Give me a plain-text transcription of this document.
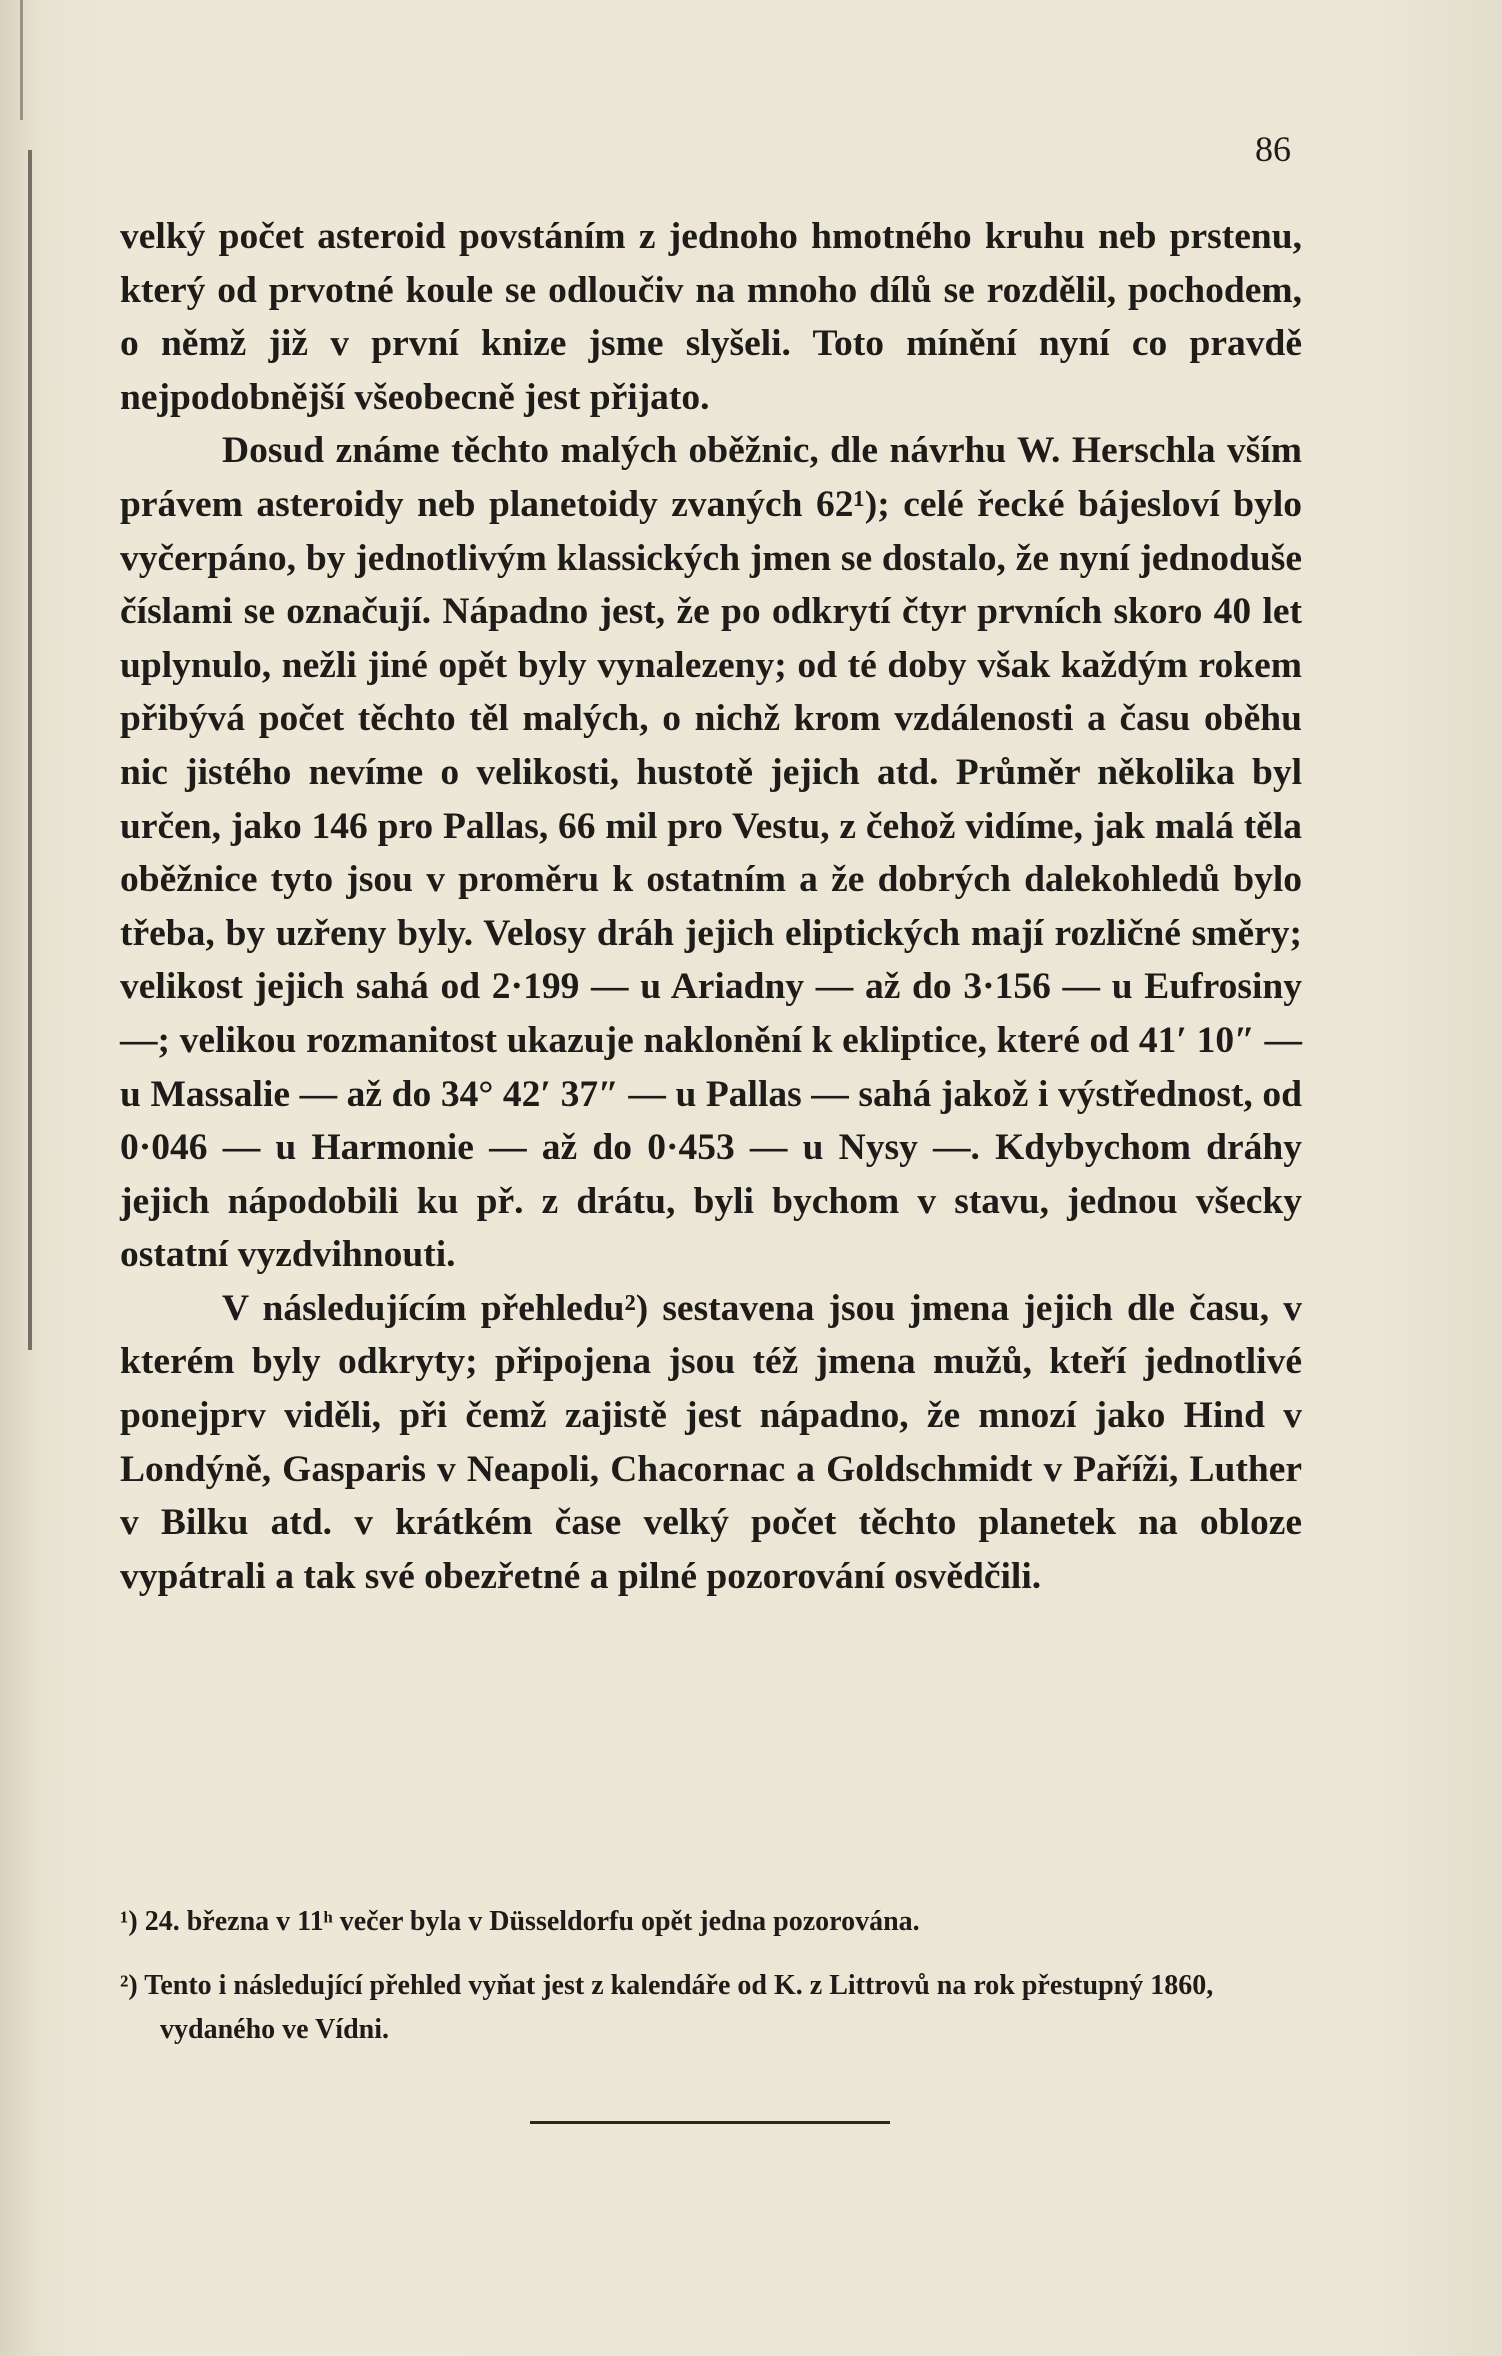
86

velký počet asteroid povstáním z jednoho hmotného kruhu neb prstenu, který od prvotné koule se odloučiv na mnoho dílů se rozdělil, pochodem, o němž již v první knize jsme slyšeli. Toto mínění nyní co pravdě nejpodobnější všeobecně jest přijato.

Dosud známe těchto malých oběžnic, dle návrhu W. Herschla vším právem asteroidy neb planetoidy zvaných 62¹); celé řecké bájesloví bylo vyčerpáno, by jednotlivým klassických jmen se dostalo, že nyní jednoduše číslami se označují. Nápadno jest, že po odkrytí čtyr prvních skoro 40 let uplynulo, nežli jiné opět byly vynalezeny; od té doby však každým rokem přibývá počet těchto těl malých, o nichž krom vzdálenosti a času oběhu nic jistého nevíme o velikosti, hustotě jejich atd. Průměr několika byl určen, jako 146 pro Pallas, 66 mil pro Vestu, z čehož vidíme, jak malá těla oběžnice tyto jsou v proměru k ostatním a že dobrých dalekohledů bylo třeba, by uzřeny byly. Velosy dráh jejich eliptických mají rozličné směry; velikost jejich sahá od 2·199 — u Ariadny — až do 3·156 — u Eufrosiny —; velikou rozmanitost ukazuje naklonění k ekliptice, které od 41′ 10″ — u Massalie — až do 34° 42′ 37″ — u Pallas — sahá jakož i výstřednost, od 0·046 — u Harmonie — až do 0·453 — u Nysy —. Kdybychom dráhy jejich nápodobili ku př. z drátu, byli bychom v stavu, jednou všecky ostatní vyzdvihnouti.

V následujícím přehledu²) sestavena jsou jmena jejich dle času, v kterém byly odkryty; připojena jsou též jmena mužů, kteří jednotlivé ponejprv viděli, při čemž zajistě jest nápadno, že mnozí jako Hind v Londýně, Gasparis v Neapoli, Chacornac a Goldschmidt v Paříži, Luther v Bilku atd. v krátkém čase velký počet těchto planetek na obloze vypátrali a tak své obezřetné a pilné pozorování osvědčili.

¹) 24. března v 11ʰ večer byla v Düsseldorfu opět jedna pozorována.

²) Tento i následující přehled vyňat jest z kalendáře od K. z Littrovů na rok přestupný 1860, vydaného ve Vídni.
